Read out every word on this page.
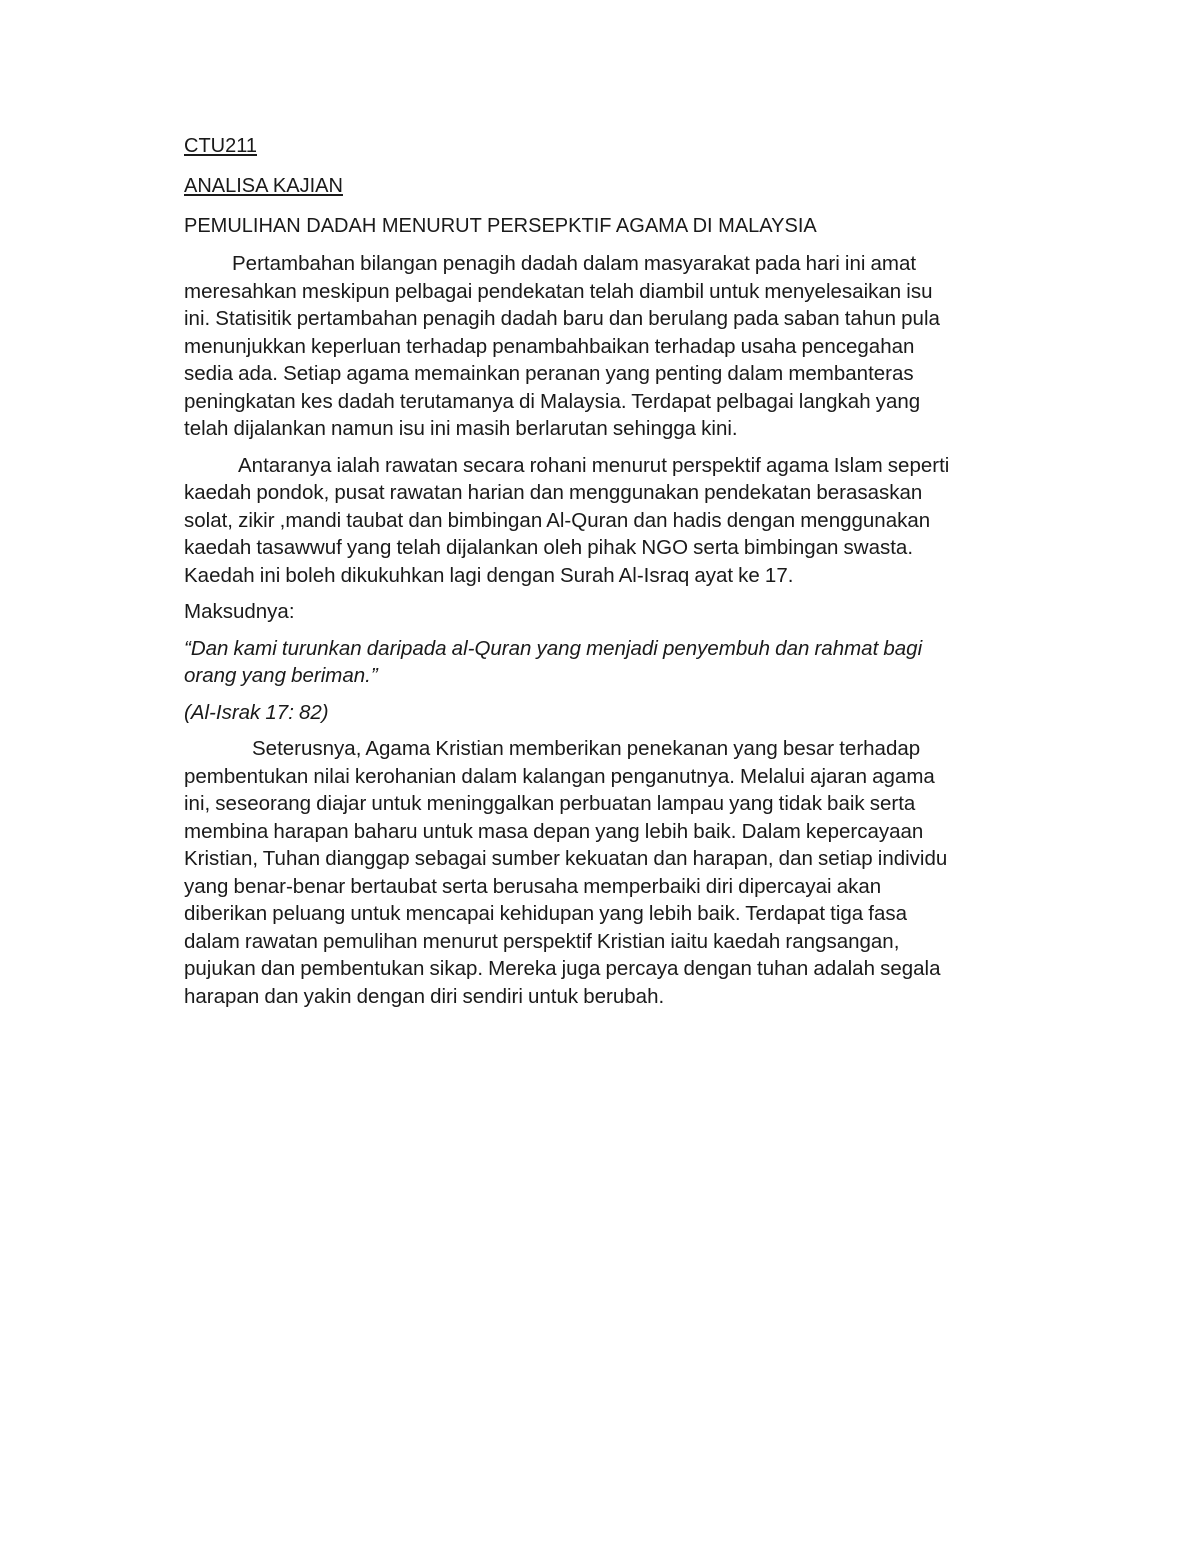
CTU211

ANALISA KAJIAN

PEMULIHAN DADAH MENURUT PERSEPKTIF AGAMA DI MALAYSIA

Pertambahan bilangan penagih dadah dalam masyarakat pada hari ini amat
meresahkan meskipun pelbagai pendekatan telah diambil untuk menyelesaikan isu
ini. Statisitik pertambahan penagih dadah baru dan berulang pada saban tahun pula
menunjukkan keperluan terhadap penambahbaikan terhadap usaha pencegahan
sedia ada. Setiap agama memainkan peranan yang penting dalam membanteras
peningkatan kes dadah terutamanya di Malaysia. Terdapat pelbagai langkah yang
telah dijalankan namun isu ini masih berlarutan sehingga kini.

Antaranya ialah rawatan secara rohani menurut perspektif agama Islam seperti
kaedah pondok, pusat rawatan harian dan menggunakan pendekatan berasaskan
solat, zikir ,mandi taubat dan bimbingan Al-Quran dan hadis dengan menggunakan
kaedah tasawwuf yang telah dijalankan oleh pihak NGO serta bimbingan swasta.
Kaedah ini boleh dikukuhkan lagi dengan Surah Al-Israq ayat ke 17.

Maksudnya:

“Dan kami turunkan daripada al-Quran yang menjadi penyembuh dan rahmat bagi
orang yang beriman.”

(Al-Israk 17: 82)

Seterusnya, Agama Kristian memberikan penekanan yang besar terhadap
pembentukan nilai kerohanian dalam kalangan penganutnya. Melalui ajaran agama
ini, seseorang diajar untuk meninggalkan perbuatan lampau yang tidak baik serta
membina harapan baharu untuk masa depan yang lebih baik. Dalam kepercayaan
Kristian, Tuhan dianggap sebagai sumber kekuatan dan harapan, dan setiap individu
yang benar-benar bertaubat serta berusaha memperbaiki diri dipercayai akan
diberikan peluang untuk mencapai kehidupan yang lebih baik. Terdapat tiga fasa
dalam rawatan pemulihan menurut perspektif Kristian iaitu kaedah rangsangan,
pujukan dan pembentukan sikap. Mereka juga percaya dengan tuhan adalah segala
harapan dan yakin dengan diri sendiri untuk berubah.
